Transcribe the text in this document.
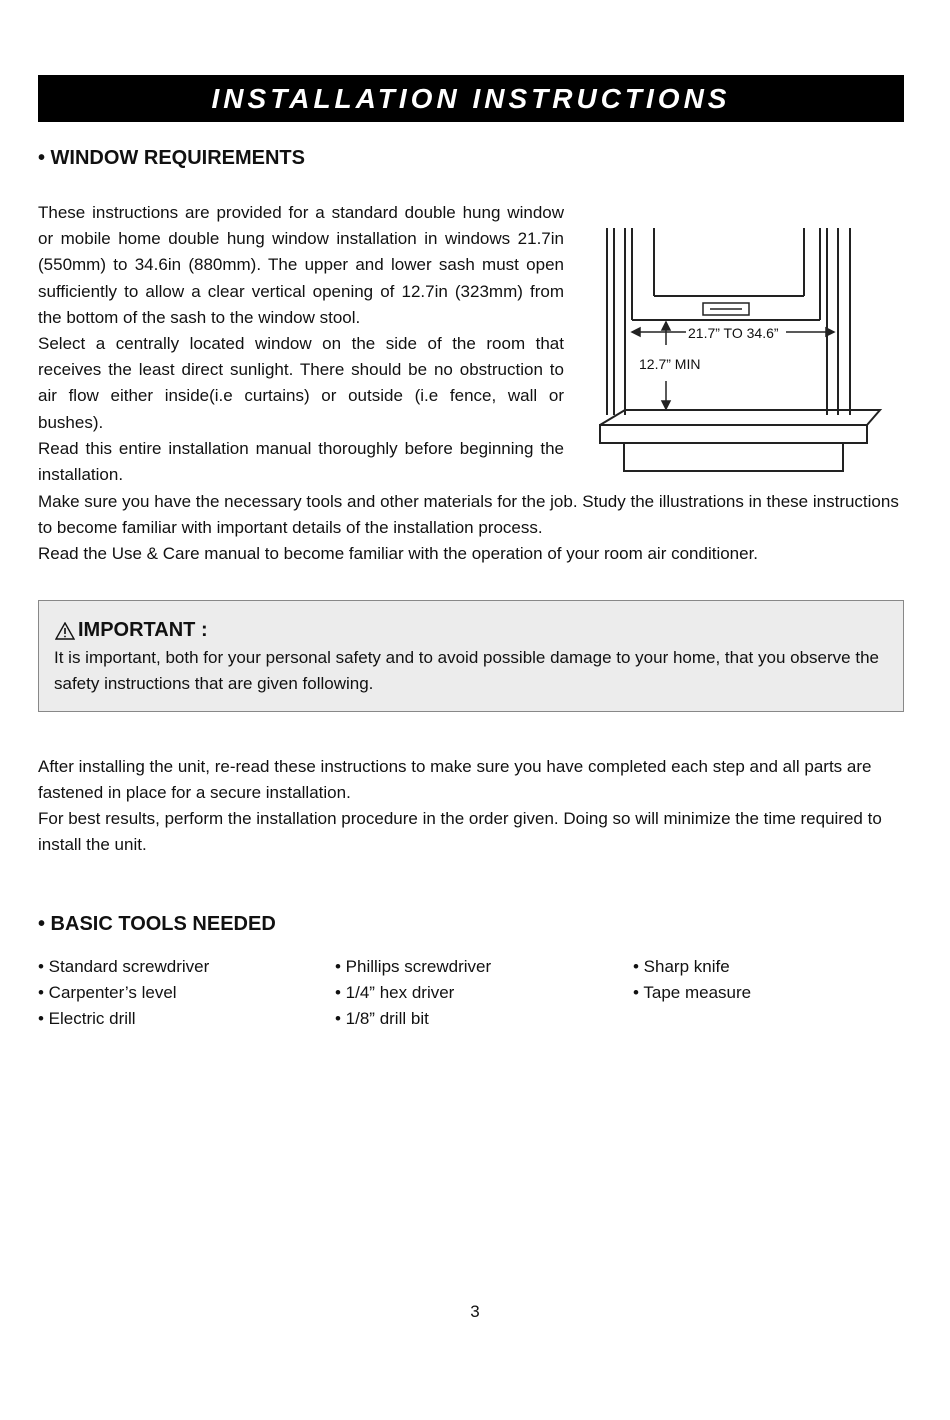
INSTALLATION INSTRUCTIONS
• WINDOW REQUIREMENTS

These instructions are provided for a standard double hung window or mobile home double hung window installation in windows 21.7in (550mm) to 34.6in (880mm). The upper and lower sash must open sufficiently to allow a clear vertical opening of 12.7in (323mm) from the bottom of the sash to the window stool.

Select a centrally located window on the side of the room that receives the least direct sunlight. There should be no obstruction to air flow either inside(i.e curtains) or outside (i.e fence, wall or bushes).

Read this entire installation manual thoroughly before beginning the installation.

Make sure you have the necessary tools and other materials for the job. Study the illustrations in these instructions to become familiar with important details of the installation process.

Read the Use & Care manual to become familiar with the operation of your room air conditioner.

21.7” TO 34.6”
12.7” MIN
IMPORTANT :

It is important, both for your personal safety and to avoid possible damage to your home, that you observe the safety instructions that are given following.

After installing the unit, re-read these instructions to make sure you have completed each step and all parts are fastened in place for a secure installation.

For best results, perform the installation procedure in the order given. Doing so will minimize the time required to install the unit.

• BASIC TOOLS NEEDED
• Standard screwdriver
• Carpenter’s level
• Electric drill
• Phillips screwdriver
• 1/4” hex driver
• 1/8” drill bit
• Sharp knife
• Tape measure
3
